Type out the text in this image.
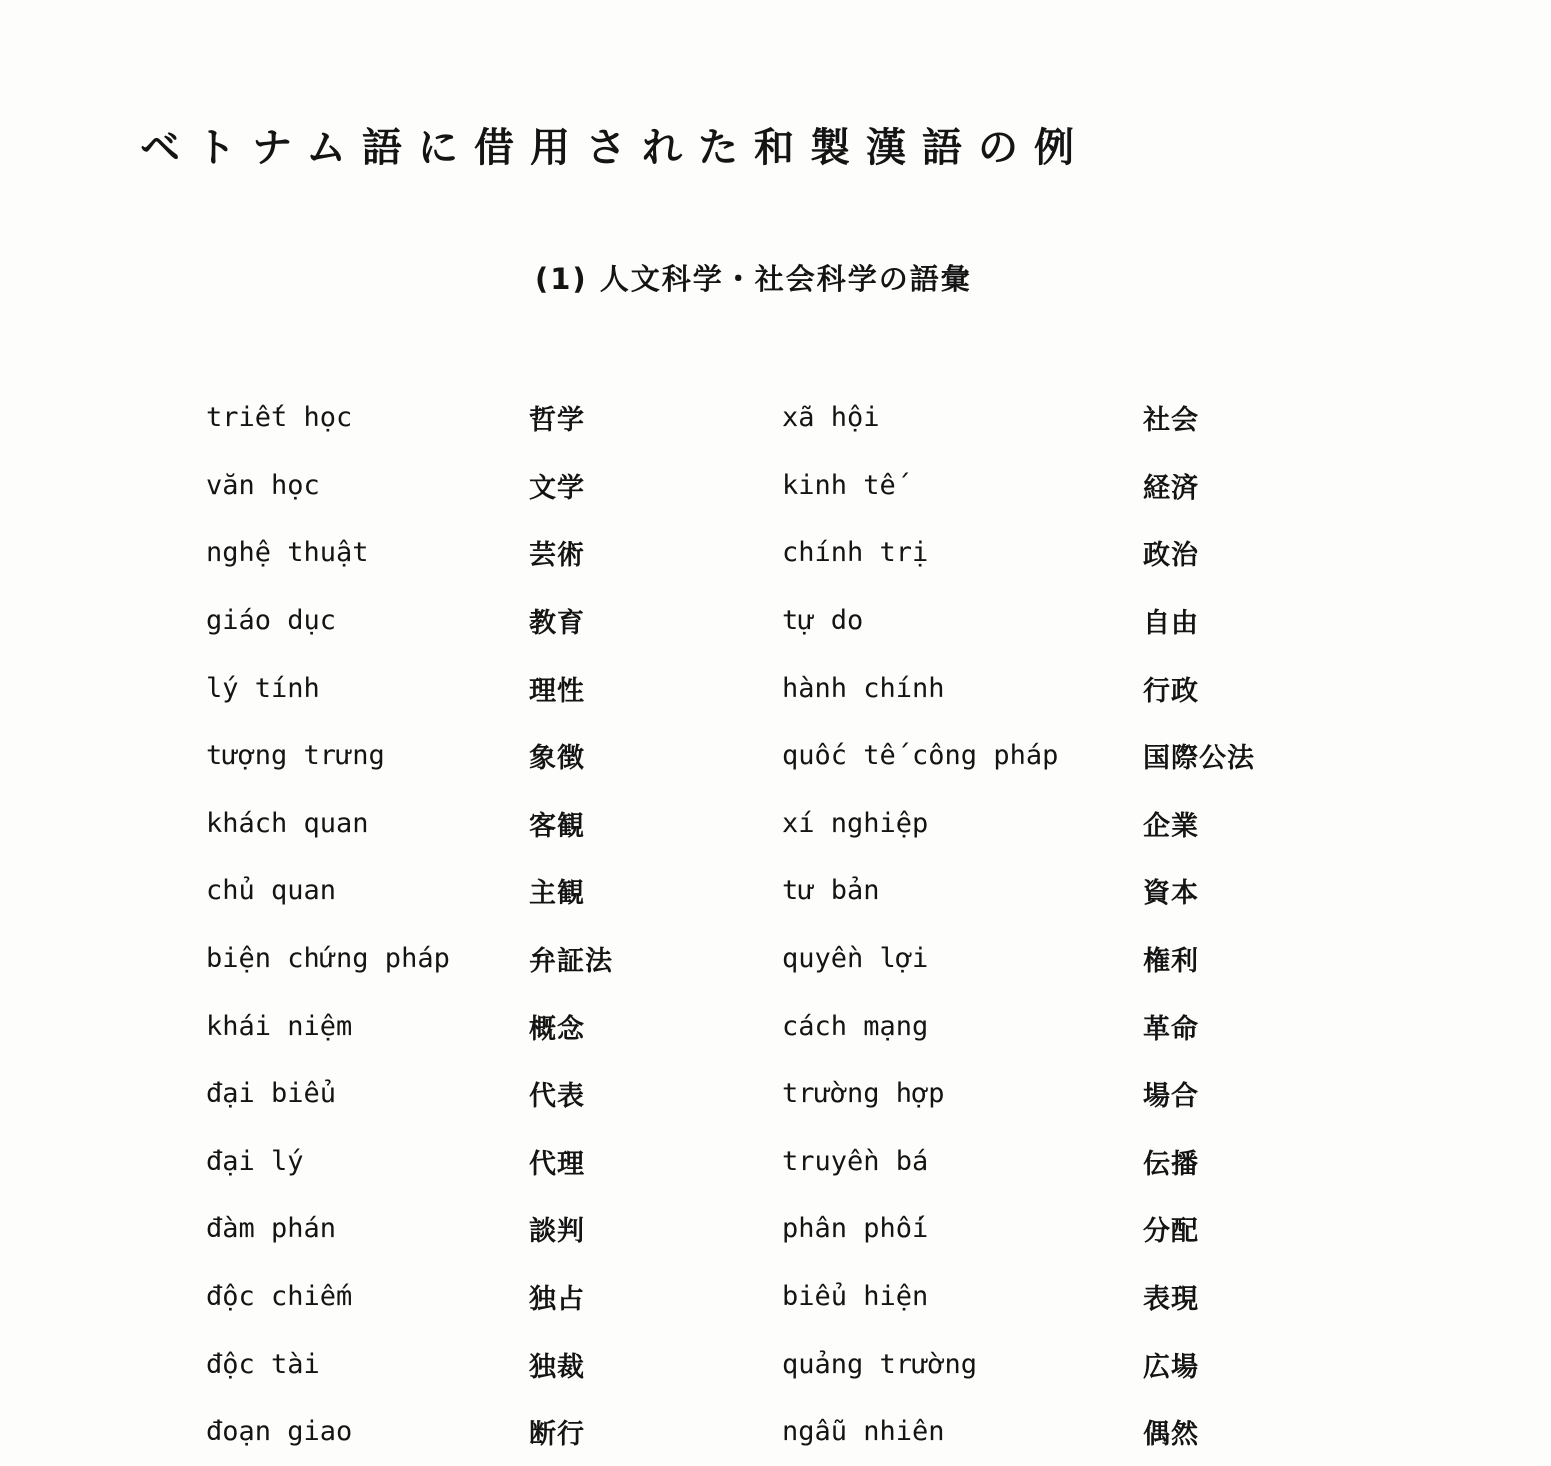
ベトナム語に借用された和製漢語の例
(1) 人文科学・社会科学の語彙
triết học	哲学	xã hội	社会
văn học	文学	kinh tế	経済
nghệ thuật	芸術	chính trị	政治
giáo dục	教育	tự do	自由
lý tính	理性	hành chính	行政
tượng trưng	象徴	quốc tế công pháp	国際公法
khách quan	客観	xí nghiệp	企業
chủ quan	主観	tư bản	資本
biện chứng pháp	弁証法	quyền lợi	権利
khái niệm	概念	cách mạng	革命
đại biểu	代表	trường hợp	場合
đại lý	代理	truyền bá	伝播
đàm phán	談判	phân phối	分配
độc chiếm	独占	biểu hiện	表現
độc tài	独裁	quảng trường	広場
đoạn giao	断行	ngẫu nhiên	偶然
